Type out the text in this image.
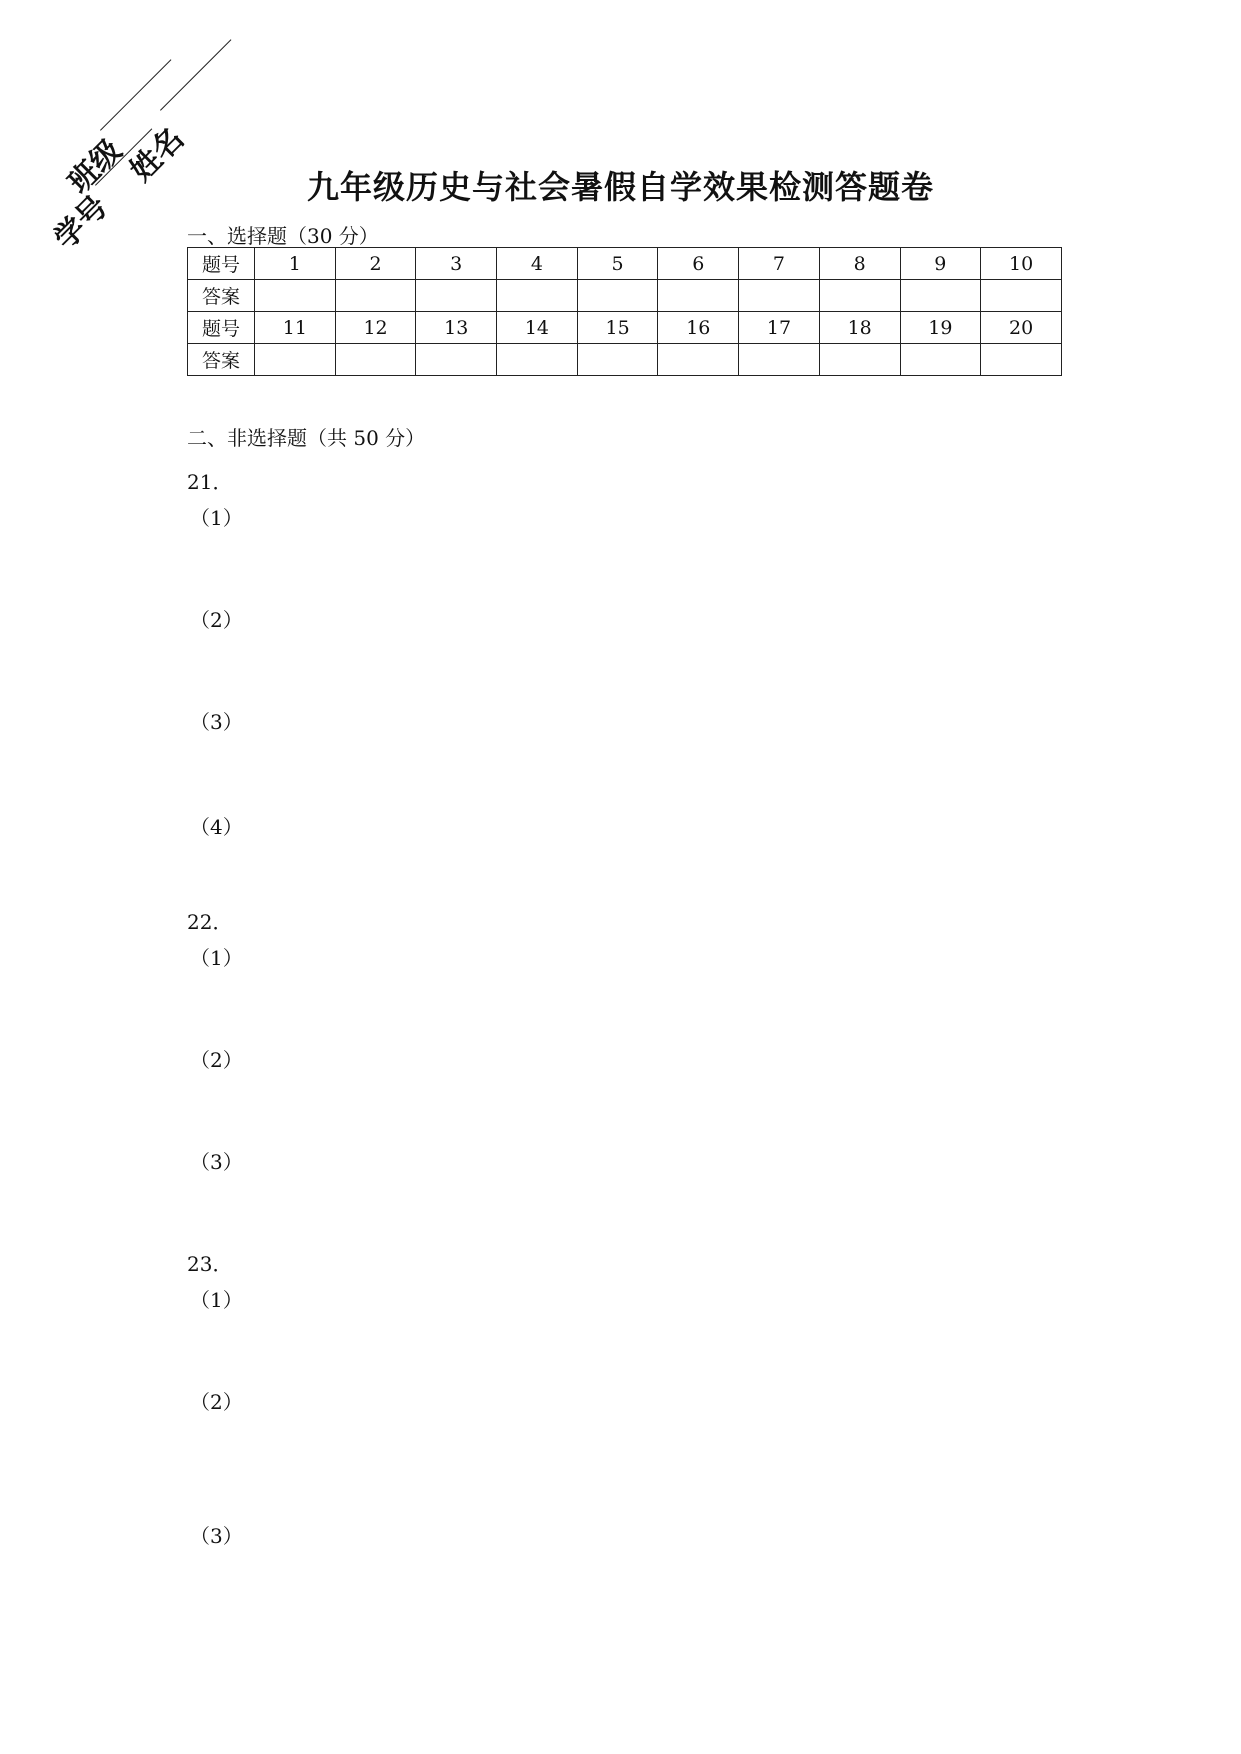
班级
姓名
学号
九年级历史与社会暑假自学效果检测答题卷
一、选择题（30 分）
题号	1	2	3	4	5	6	7	8	9	10
答案										
题号	11	12	13	14	15	16	17	18	19	20
答案										
二、非选择题（共 50 分）
21．
（1）
（2）
（3）
（4）
22．
（1）
（2）
（3）
23．
（1）
（2）
（3）
